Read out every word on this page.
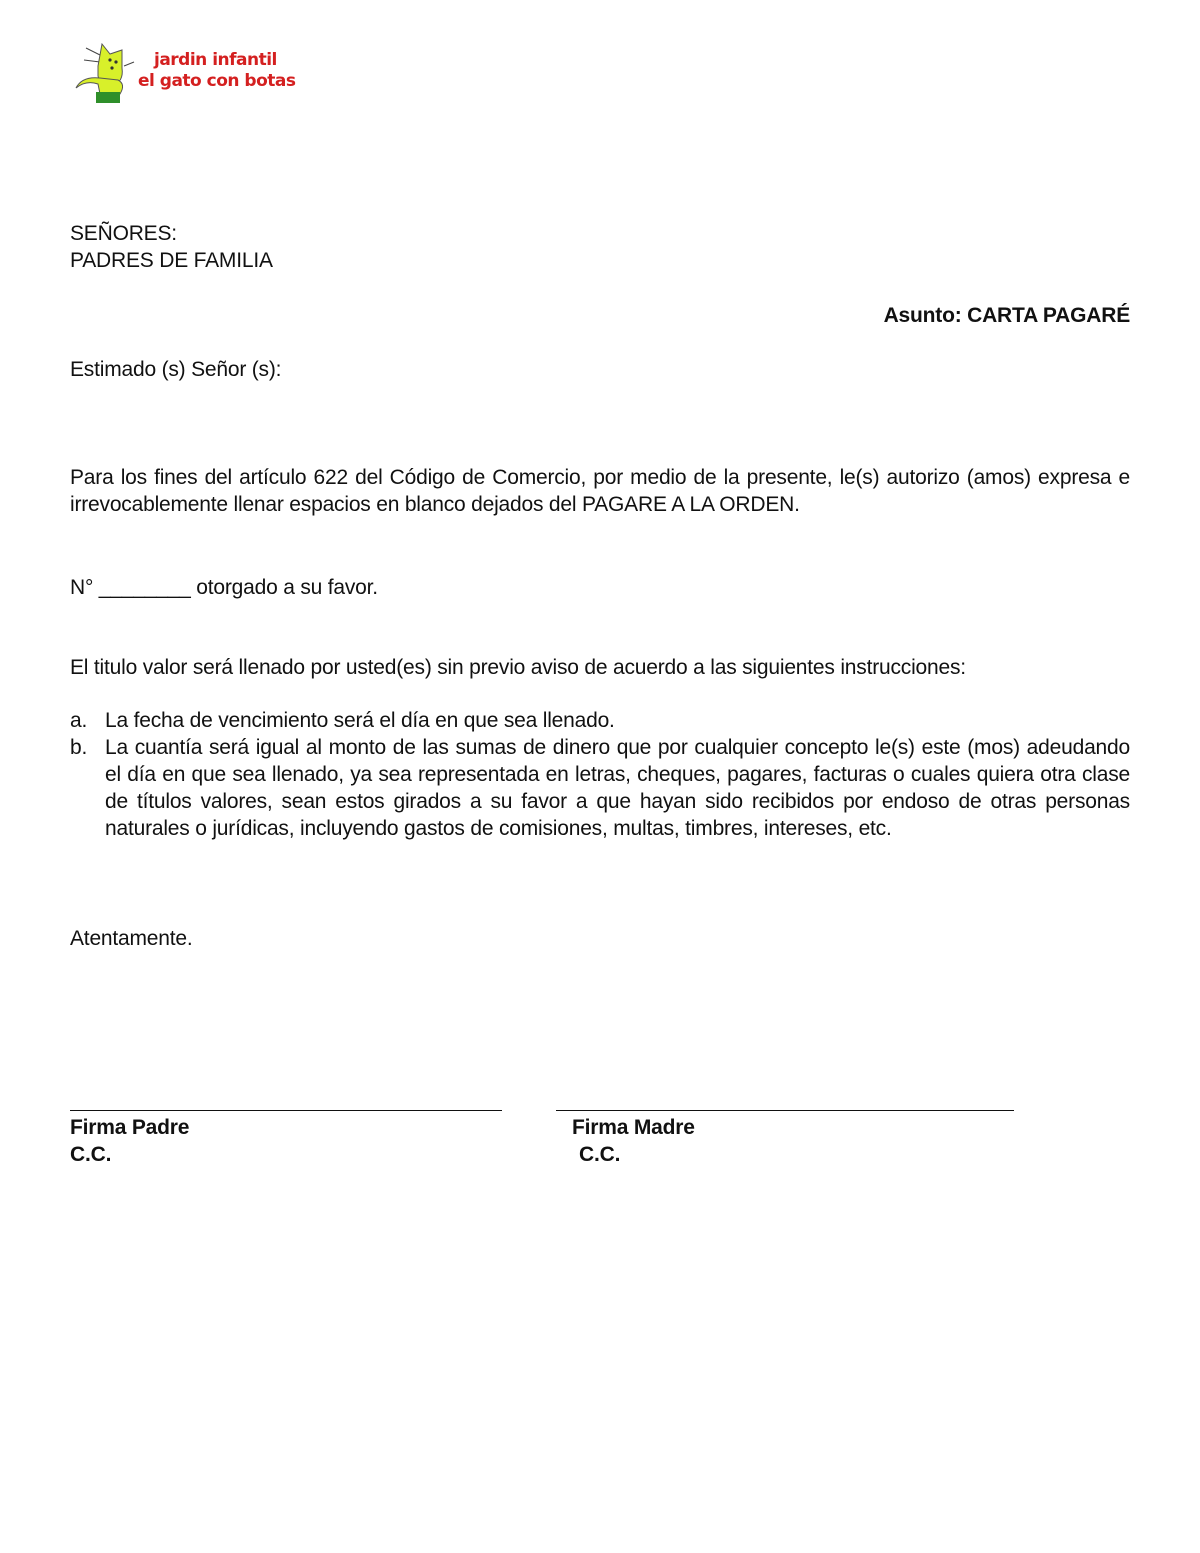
jardin infantil
el gato con botas
SEÑORES:
PADRES DE FAMILIA
Asunto: CARTA PAGARÉ
Estimado (s) Señor (s):
Para los fines del artículo 622 del Código de Comercio, por medio de la presente, le(s) autorizo (amos) expresa e irrevocablemente llenar espacios en blanco dejados del PAGARE A LA ORDEN.
N° ________ otorgado a su favor.
El titulo valor será llenado por usted(es) sin previo aviso de acuerdo a las siguientes instrucciones:
a. La fecha de vencimiento será el día en que sea llenado.
b. La cuantía será igual al monto de las sumas de dinero que por cualquier concepto le(s) este (mos) adeudando el día en que sea llenado, ya sea representada en letras, cheques, pagares, facturas o cuales quiera otra clase de títulos valores, sean estos girados a su favor a que hayan sido recibidos por endoso de otras personas naturales o jurídicas, incluyendo gastos de comisiones, multas, timbres, intereses, etc.
Atentamente.
Firma Padre
C.C.
Firma Madre
C.C.
